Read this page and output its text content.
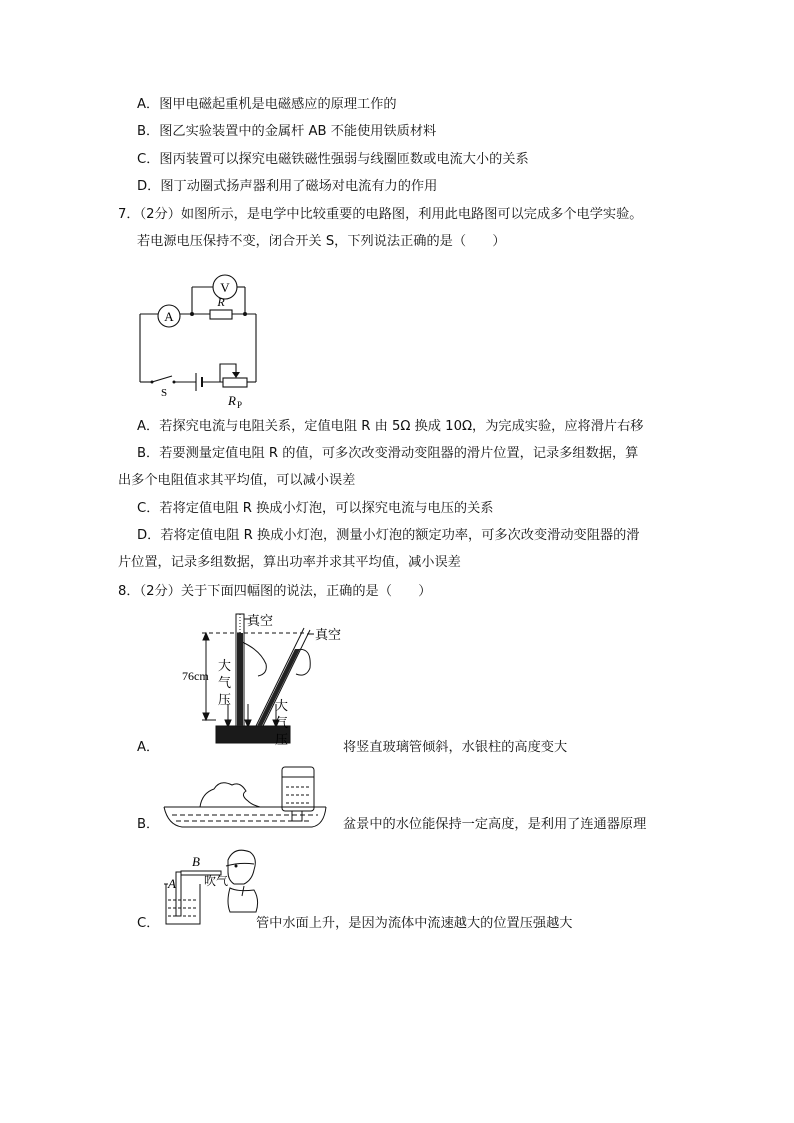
A．图甲电磁起重机是电磁感应的原理工作的
B．图乙实验装置中的金属杆 AB 不能使用铁质材料
C．图丙装置可以探究电磁铁磁性强弱与线圈匝数或电流大小的关系
D．图丁动圈式扬声器利用了磁场对电流有力的作用
7．（2分）如图所示，是电学中比较重要的电路图，利用此电路图可以完成多个电学实验。
若电源电压保持不变，闭合开关 S，下列说法正确的是（　　）
V
A
R
S	R P
A．若探究电流与电阻关系，定值电阻 R 由 5Ω 换成 10Ω，为完成实验，应将滑片右移
B．若要测量定值电阻 R 的值，可多次改变滑动变阻器的滑片位置，记录多组数据，算
出多个电阻值求其平均值，可以减小误差
C．若将定值电阻 R 换成小灯泡，可以探究电流与电压的关系
D．若将定值电阻 R 换成小灯泡，测量小灯泡的额定功率，可多次改变滑动变阻器的滑
片位置，记录多组数据，算出功率并求其平均值，减小误差
8．（2分）关于下面四幅图的说法，正确的是（　　）
真空
真空
76cm
大
气
压	大
气
压
A．	将竖直玻璃管倾斜，水银柱的高度变大
B．	盆景中的水位能保持一定高度，是利用了连通器原理
B
A 吹气
C．	管中水面上升，是因为流体中流速越大的位置压强越大
